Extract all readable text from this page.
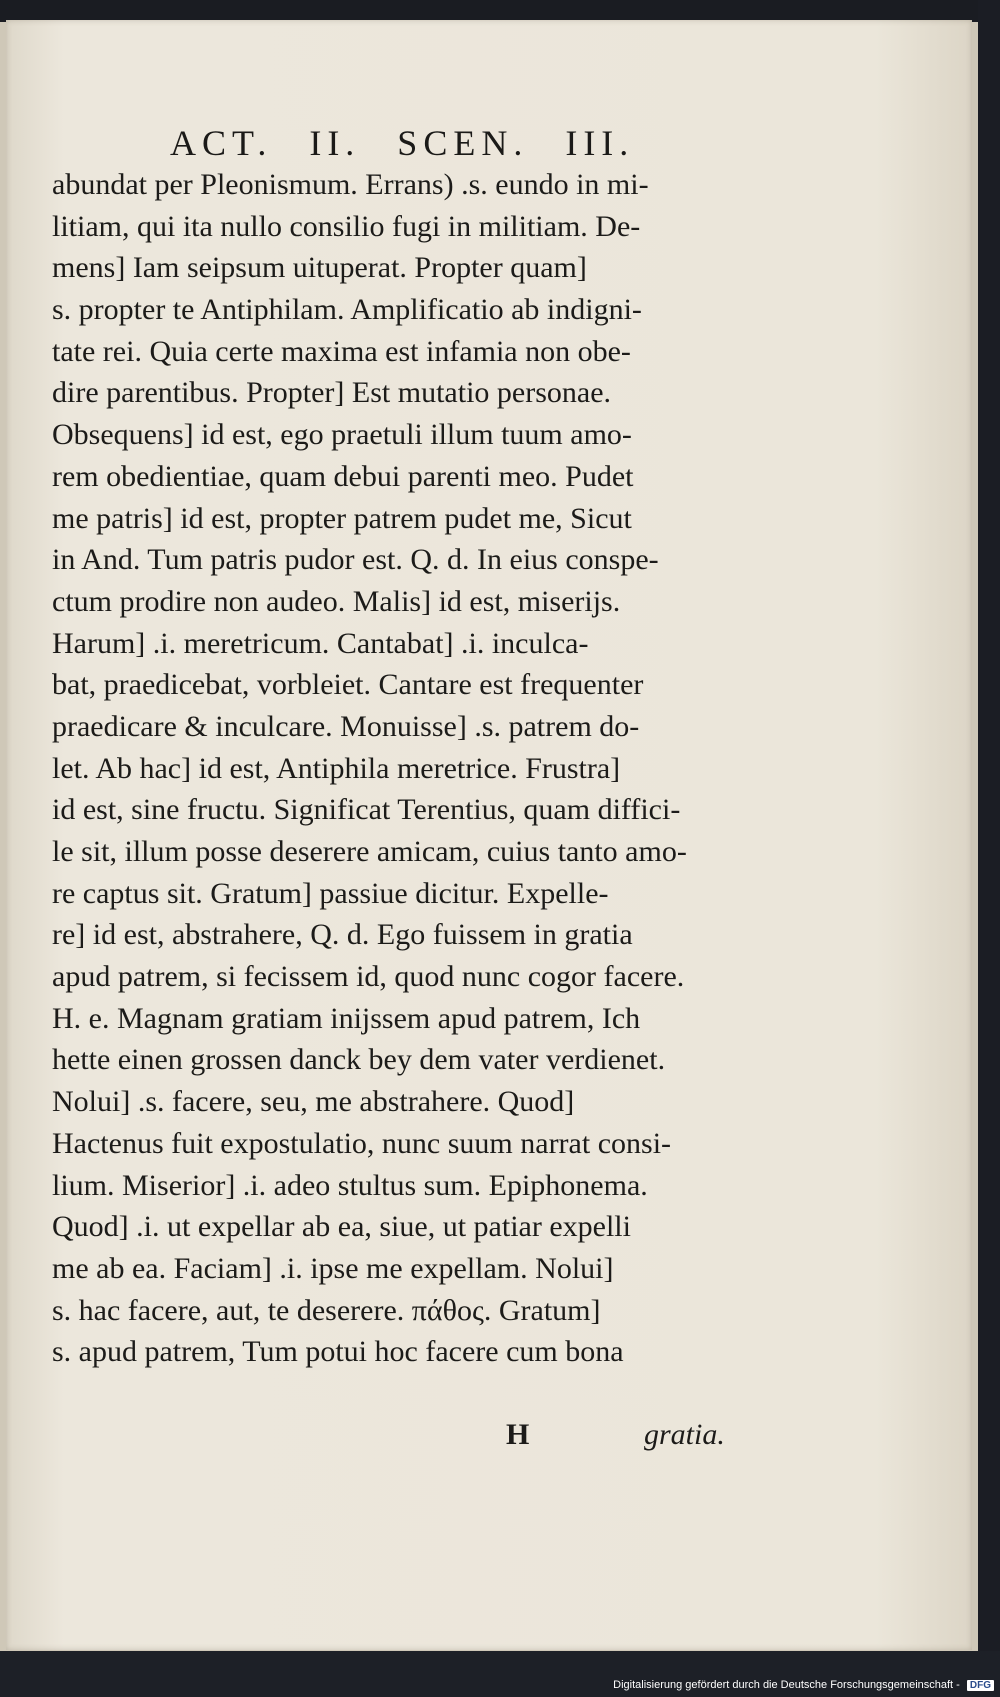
ACT. II. SCEN. III.
abundat per Pleonismum. Errans) .s. eundo in mi-
litiam, qui ita nullo consilio fugi in militiam. De-
mens] Iam seipsum uituperat. Propter quam]
s. propter te Antiphilam. Amplificatio ab indigni-
tate rei. Quia certe maxima est infamia non obe-
dire parentibus. Propter] Est mutatio personae.
Obsequens] id est, ego praetuli illum tuum amo-
rem obedientiae, quam debui parenti meo. Pudet
me patris] id est, propter patrem pudet me, Sicut
in And. Tum patris pudor est. Q. d. In eius conspe-
ctum prodire non audeo. Malis] id est, miserijs.
Harum] .i. meretricum. Cantabat] .i. inculca-
bat, praedicebat, vorbleiet. Cantare est frequenter
praedicare & inculcare. Monuisse] .s. patrem do-
let. Ab hac] id est, Antiphila meretrice. Frustra]
id est, sine fructu. Significat Terentius, quam diffici-
le sit, illum posse deserere amicam, cuius tanto amo-
re captus sit. Gratum] passiue dicitur. Expelle-
re] id est, abstrahere, Q. d. Ego fuissem in gratia
apud patrem, si fecissem id, quod nunc cogor facere.
H. e. Magnam gratiam inijssem apud patrem, Ich
hette einen grossen danck bey dem vater verdienet.
Nolui] .s. facere, seu, me abstrahere. Quod]
Hactenus fuit expostulatio, nunc suum narrat consi-
lium. Miserior] .i. adeo stultus sum. Epiphonema.
Quod] .i. ut expellar ab ea, siue, ut patiar expelli
me ab ea. Faciam] .i. ipse me expellam. Nolui]
s. hac facere, aut, te deserere. πάθος. Gratum]
s. apud patrem, Tum potui hoc facere cum bona
H	gratia.
Digitalisierung gefördert durch die Deutsche Forschungsgemeinschaft - DFG
